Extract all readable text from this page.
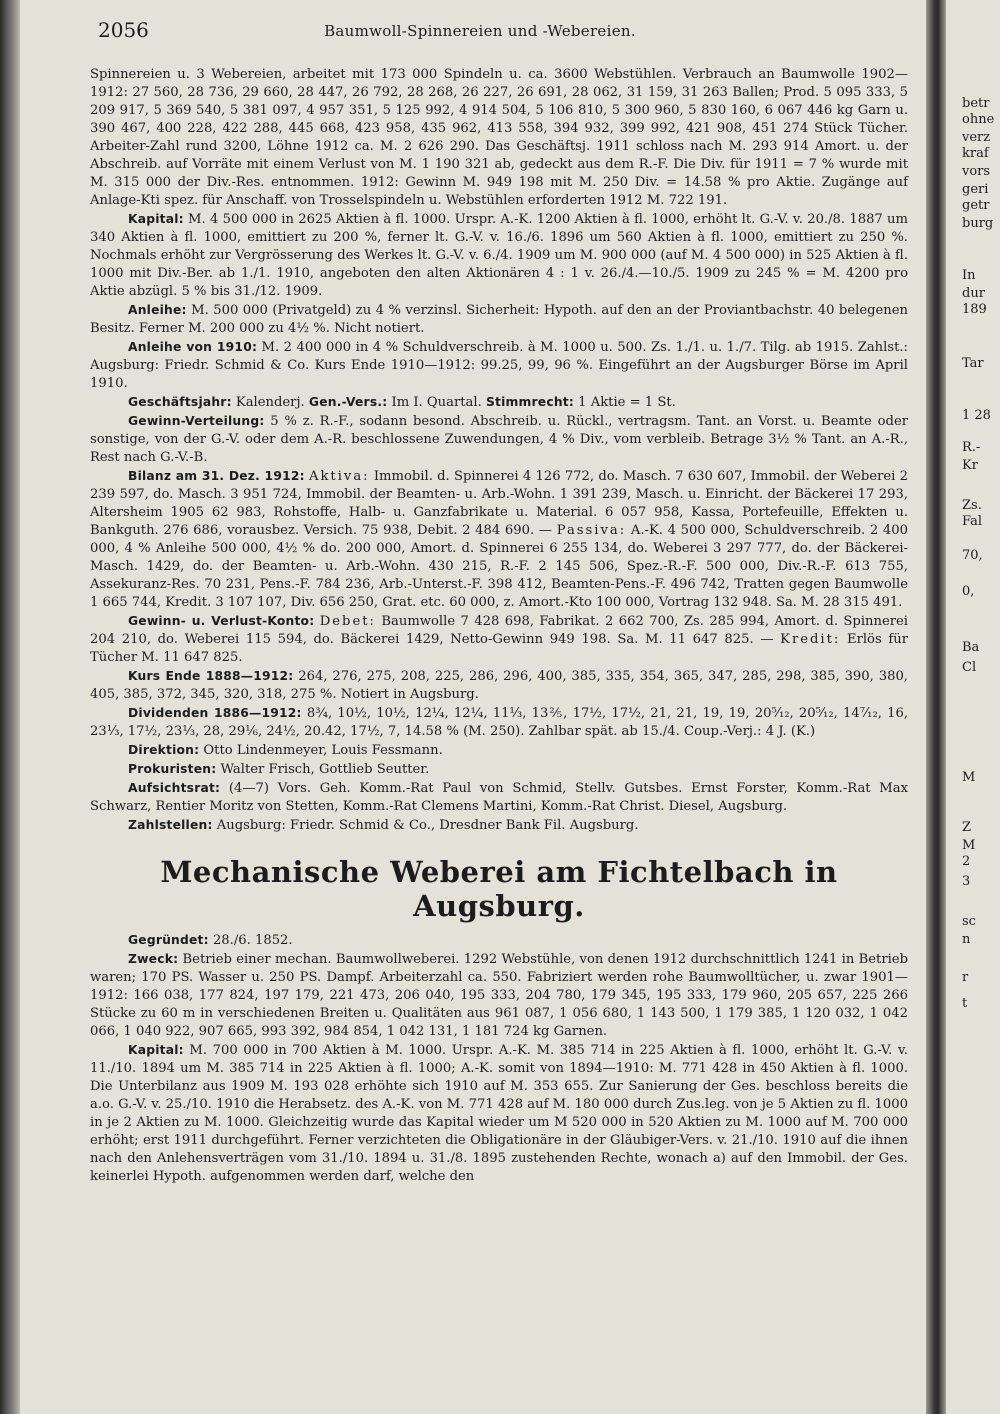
2056	Baumwoll-Spinnereien und -Webereien.

Spinnereien u. 3 Webereien, arbeitet mit 173 000 Spindeln u. ca. 3600 Webstühlen. Verbrauch an Baumwolle 1902—1912: 27 560, 28 736, 29 660, 28 447, 26 792, 28 268, 26 227, 26 691, 28 062, 31 159, 31 263 Ballen; Prod. 5 095 333, 5 209 917, 5 369 540, 5 381 097, 4 957 351, 5 125 992, 4 914 504, 5 106 810, 5 300 960, 5 830 160, 6 067 446 kg Garn u. 390 467, 400 228, 422 288, 445 668, 423 958, 435 962, 413 558, 394 932, 399 992, 421 908, 451 274 Stück Tücher. Arbeiter-Zahl rund 3200, Löhne 1912 ca. M. 2 626 290. Das Geschäftsj. 1911 schloss nach M. 293 914 Amort. u. der Abschreib. auf Vorräte mit einem Verlust von M. 1 190 321 ab, gedeckt aus dem R.-F. Die Div. für 1911 = 7 % wurde mit M. 315 000 der Div.-Res. entnommen. 1912: Gewinn M. 949 198 mit M. 250 Div. = 14.58 % pro Aktie. Zugänge auf Anlage-Kti spez. für Anschaff. von Trosselspindeln u. Webstühlen erforderten 1912 M. 722 191.

Kapital: M. 4 500 000 in 2625 Aktien à fl. 1000. Urspr. A.-K. 1200 Aktien à fl. 1000, erhöht lt. G.-V. v. 20./8. 1887 um 340 Aktien à fl. 1000, emittiert zu 200 %, ferner lt. G.-V. v. 16./6. 1896 um 560 Aktien à fl. 1000, emittiert zu 250 %. Nochmals erhöht zur Vergrösserung des Werkes lt. G.-V. v. 6./4. 1909 um M. 900 000 (auf M. 4 500 000) in 525 Aktien à fl. 1000 mit Div.-Ber. ab 1./1. 1910, angeboten den alten Aktionären 4 : 1 v. 26./4.—10./5. 1909 zu 245 % = M. 4200 pro Aktie abzügl. 5 % bis 31./12. 1909.

Anleihe: M. 500 000 (Privatgeld) zu 4 % verzinsl. Sicherheit: Hypoth. auf den an der Proviantbachstr. 40 belegenen Besitz. Ferner M. 200 000 zu 4½ %. Nicht notiert.

Anleihe von 1910: M. 2 400 000 in 4 % Schuldverschreib. à M. 1000 u. 500. Zs. 1./1. u. 1./7. Tilg. ab 1915. Zahlst.: Augsburg: Friedr. Schmid & Co. Kurs Ende 1910—1912: 99.25, 99, 96 %. Eingeführt an der Augsburger Börse im April 1910.

Geschäftsjahr: Kalenderj. Gen.-Vers.: Im I. Quartal. Stimmrecht: 1 Aktie = 1 St.

Gewinn-Verteilung: 5 % z. R.-F., sodann besond. Abschreib. u. Rückl., vertragsm. Tant. an Vorst. u. Beamte oder sonstige, von der G.-V. oder dem A.-R. beschlossene Zuwendungen, 4 % Div., vom verbleib. Betrage 3½ % Tant. an A.-R., Rest nach G.-V.-B.

Bilanz am 31. Dez. 1912: Aktiva: Immobil. d. Spinnerei 4 126 772, do. Masch. 7 630 607, Immobil. der Weberei 2 239 597, do. Masch. 3 951 724, Immobil. der Beamten- u. Arb.-Wohn. 1 391 239, Masch. u. Einricht. der Bäckerei 17 293, Altersheim 1905 62 983, Rohstoffe, Halb- u. Ganzfabrikate u. Material. 6 057 958, Kassa, Portefeuille, Effekten u. Bankguth. 276 686, vorausbez. Versich. 75 938, Debit. 2 484 690. — Passiva: A.-K. 4 500 000, Schuldverschreib. 2 400 000, 4 % Anleihe 500 000, 4½ % do. 200 000, Amort. d. Spinnerei 6 255 134, do. Weberei 3 297 777, do. der Bäckerei-Masch. 1429, do. der Beamten- u. Arb.-Wohn. 430 215, R.-F. 2 145 506, Spez.-R.-F. 500 000, Div.-R.-F. 613 755, Assekuranz-Res. 70 231, Pens.-F. 784 236, Arb.-Unterst.-F. 398 412, Beamten-Pens.-F. 496 742, Tratten gegen Baumwolle 1 665 744, Kredit. 3 107 107, Div. 656 250, Grat. etc. 60 000, z. Amort.-Kto 100 000, Vortrag 132 948. Sa. M. 28 315 491.

Gewinn- u. Verlust-Konto: Debet: Baumwolle 7 428 698, Fabrikat. 2 662 700, Zs. 285 994, Amort. d. Spinnerei 204 210, do. Weberei 115 594, do. Bäckerei 1429, Netto-Gewinn 949 198. Sa. M. 11 647 825. — Kredit: Erlös für Tücher M. 11 647 825.

Kurs Ende 1888—1912: 264, 276, 275, 208, 225, 286, 296, 400, 385, 335, 354, 365, 347, 285, 298, 385, 390, 380, 405, 385, 372, 345, 320, 318, 275 %. Notiert in Augsburg.

Dividenden 1886—1912: 8¾, 10½, 10½, 12¼, 12¼, 11⅓, 13⅖, 17½, 17½, 21, 21, 19, 19, 20⁵⁄₁₂, 20⁵⁄₁₂, 14⁷⁄₁₂, 16, 23⅓, 17½, 23⅓, 28, 29⅙, 24½, 20.42, 17½, 7, 14.58 % (M. 250). Zahlbar spät. ab 15./4. Coup.-Verj.: 4 J. (K.)

Direktion: Otto Lindenmeyer, Louis Fessmann.

Prokuristen: Walter Frisch, Gottlieb Seutter.

Aufsichtsrat: (4—7) Vors. Geh. Komm.-Rat Paul von Schmid, Stellv. Gutsbes. Ernst Forster, Komm.-Rat Max Schwarz, Rentier Moritz von Stetten, Komm.-Rat Clemens Martini, Komm.-Rat Christ. Diesel, Augsburg.

Zahlstellen: Augsburg: Friedr. Schmid & Co., Dresdner Bank Fil. Augsburg.

Mechanische Weberei am Fichtelbach in Augsburg.

Gegründet: 28./6. 1852.

Zweck: Betrieb einer mechan. Baumwollweberei. 1292 Webstühle, von denen 1912 durchschnittlich 1241 in Betrieb waren; 170 PS. Wasser u. 250 PS. Dampf. Arbeiterzahl ca. 550. Fabriziert werden rohe Baumwolltücher, u. zwar 1901—1912: 166 038, 177 824, 197 179, 221 473, 206 040, 195 333, 204 780, 179 345, 195 333, 179 960, 205 657, 225 266 Stücke zu 60 m in verschiedenen Breiten u. Qualitäten aus 961 087, 1 056 680, 1 143 500, 1 179 385, 1 120 032, 1 042 066, 1 040 922, 907 665, 993 392, 984 854, 1 042 131, 1 181 724 kg Garnen.

Kapital: M. 700 000 in 700 Aktien à M. 1000. Urspr. A.-K. M. 385 714 in 225 Aktien à fl. 1000, erhöht lt. G.-V. v. 11./10. 1894 um M. 385 714 in 225 Aktien à fl. 1000; A.-K. somit von 1894—1910: M. 771 428 in 450 Aktien à fl. 1000. Die Unterbilanz aus 1909 M. 193 028 erhöhte sich 1910 auf M. 353 655. Zur Sanierung der Ges. beschloss bereits die a.o. G.-V. v. 25./10. 1910 die Herabsetz. des A.-K. von M. 771 428 auf M. 180 000 durch Zus.leg. von je 5 Aktien zu fl. 1000 in je 2 Aktien zu M. 1000. Gleichzeitig wurde das Kapital wieder um M 520 000 in 520 Aktien zu M. 1000 auf M. 700 000 erhöht; erst 1911 durchgeführt. Ferner verzichteten die Obligationäre in der Gläubiger-Vers. v. 21./10. 1910 auf die ihnen nach den Anlehensverträgen vom 31./10. 1894 u. 31./8. 1895 zustehenden Rechte, wonach a) auf den Immobil. der Ges. keinerlei Hypoth. aufgenommen werden darf, welche den

betr
ohne
verz
kraf
vors
geri
getr
burg
In
dur
189
Tar
1 28
R.-
Kr
Zs.
Fal
70,
0,
Ba
Cl
M
Z
M
2
3
sc
n
r
t
